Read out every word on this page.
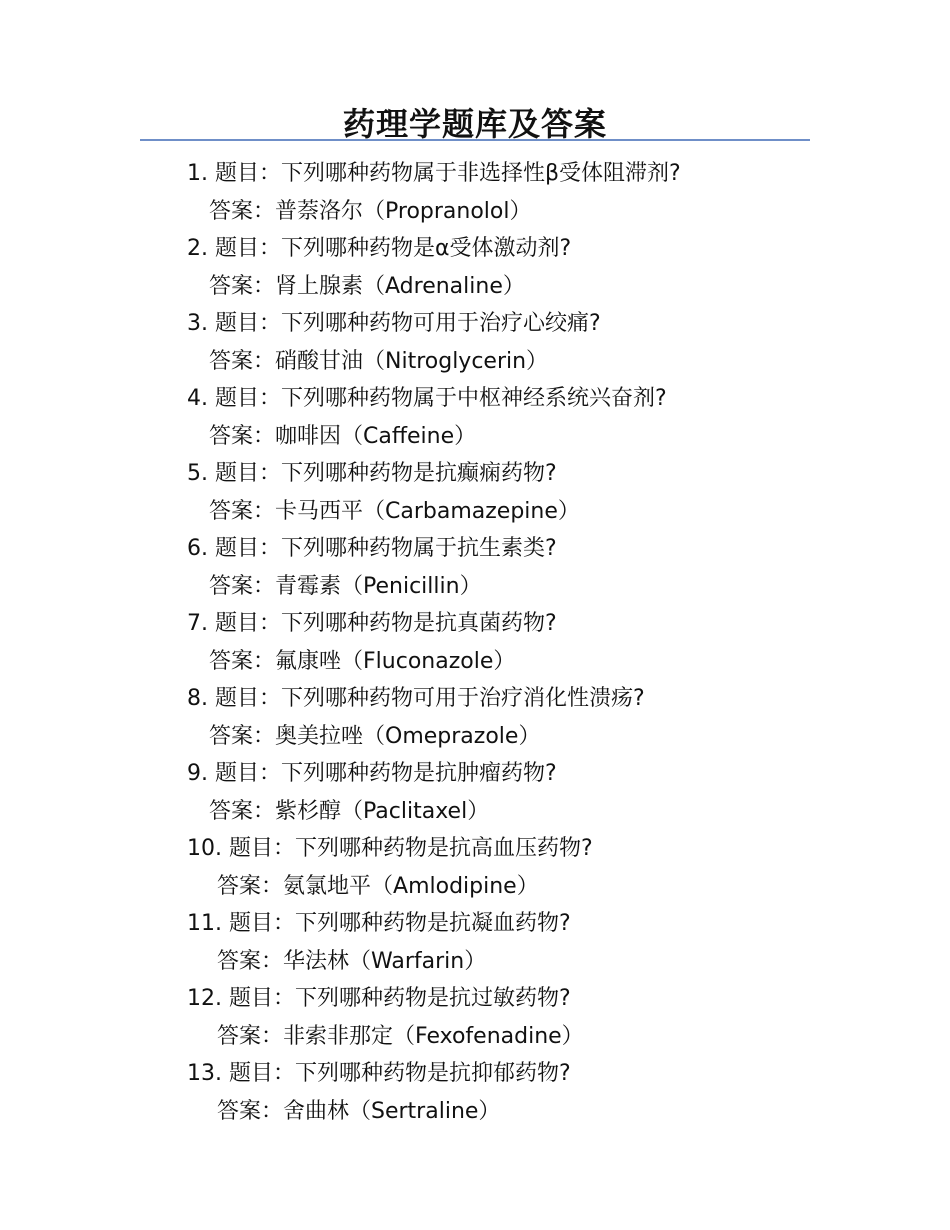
药理学题库及答案
1. 题目：下列哪种药物属于非选择性β受体阻滞剂?
答案：普萘洛尔（Propranolol）
2. 题目：下列哪种药物是α受体激动剂?
答案：肾上腺素（Adrenaline）
3. 题目：下列哪种药物可用于治疗心绞痛?
答案：硝酸甘油（Nitroglycerin）
4. 题目：下列哪种药物属于中枢神经系统兴奋剂?
答案：咖啡因（Caffeine）
5. 题目：下列哪种药物是抗癫痫药物?
答案：卡马西平（Carbamazepine）
6. 题目：下列哪种药物属于抗生素类?
答案：青霉素（Penicillin）
7. 题目：下列哪种药物是抗真菌药物?
答案：氟康唑（Fluconazole）
8. 题目：下列哪种药物可用于治疗消化性溃疡?
答案：奥美拉唑（Omeprazole）
9. 题目：下列哪种药物是抗肿瘤药物?
答案：紫杉醇（Paclitaxel）
10. 题目：下列哪种药物是抗高血压药物?
答案：氨氯地平（Amlodipine）
11. 题目：下列哪种药物是抗凝血药物?
答案：华法林（Warfarin）
12. 题目：下列哪种药物是抗过敏药物?
答案：非索非那定（Fexofenadine）
13. 题目：下列哪种药物是抗抑郁药物?
答案：舍曲林（Sertraline）
